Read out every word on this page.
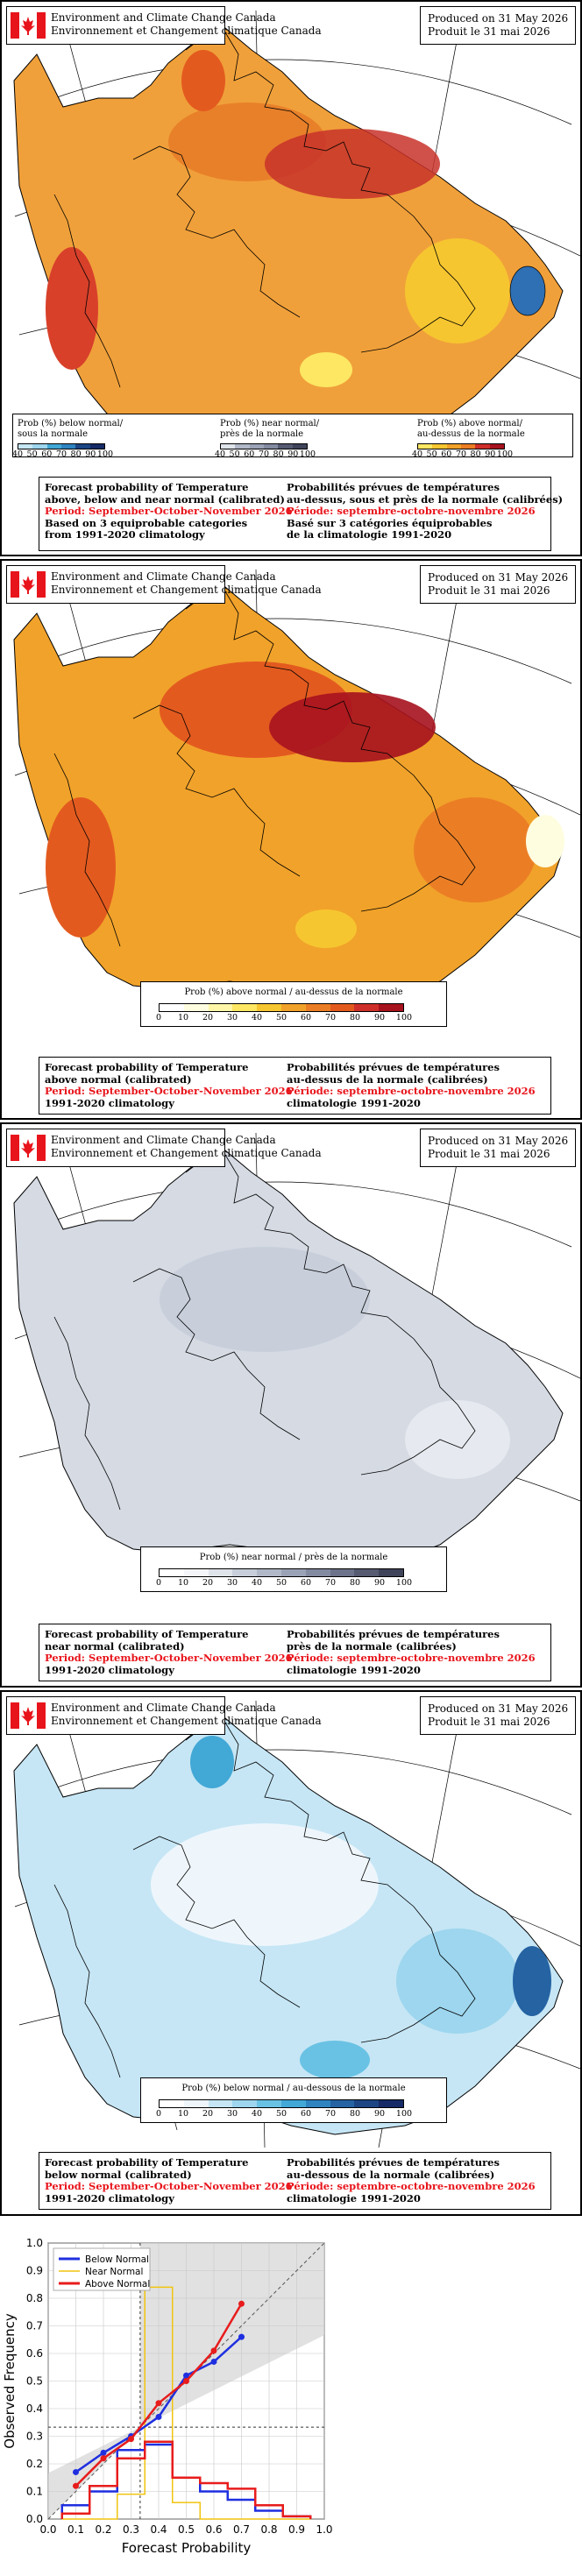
Environment and Climate Change Canada
Environnement et Changement climatique Canada
Produced on 31 May 2026
Produit le 31 mai 2026
Prob (%) below normal/
sous la normale
40 50 60 70 80 90 100
Prob (%) near normal/
près de la normale
40 50 60 70 80 90 100
Prob (%) above normal/
au-dessus de la normale
40 50 60 70 80 90 100
Forecast probability of Temperature
above, below and near normal (calibrated)
Period: September-October-November 2026
Based on 3 equiprobable categories
from 1991-2020 climatology
Probabilités prévues de températures
au-dessus, sous et près de la normale (calibrées)
Période: septembre-octobre-novembre 2026
Basé sur 3 catégories équiprobables
de la climatologie 1991-2020
Environment and Climate Change Canada
Environnement et Changement climatique Canada
Produced on 31 May 2026
Produit le 31 mai 2026
Prob (%) above normal / au-dessus de la normale
0 10 20 30 40 50 60 70 80 90 100
Forecast probability of Temperature
above normal (calibrated)
Period: September-October-November 2026
1991-2020 climatology
Probabilités prévues de températures
au-dessus de la normale (calibrées)
Période: septembre-octobre-novembre 2026
climatologie 1991-2020
Environment and Climate Change Canada
Environnement et Changement climatique Canada
Produced on 31 May 2026
Produit le 31 mai 2026
Prob (%) near normal / près de la normale
0 10 20 30 40 50 60 70 80 90 100
Forecast probability of Temperature
near normal (calibrated)
Period: September-October-November 2026
1991-2020 climatology
Probabilités prévues de températures
près de la normale (calibrées)
Période: septembre-octobre-novembre 2026
climatologie 1991-2020
Environment and Climate Change Canada
Environnement et Changement climatique Canada
Produced on 31 May 2026
Produit le 31 mai 2026
Prob (%) below normal / au-dessous de la normale
0 10 20 30 40 50 60 70 80 90 100
Forecast probability of Temperature
below normal (calibrated)
Period: September-October-November 2026
1991-2020 climatology
Probabilités prévues de températures
au-dessous de la normale (calibrées)
Période: septembre-octobre-novembre 2026
climatologie 1991-2020
0.0 0.1 0.2 0.3 0.4 0.5 0.6 0.7 0.8 0.9 1.0
0.0
0.1
0.2
0.3
0.4
0.5
0.6
0.7
0.8
0.9
1.0
Forecast Probability
Observed Frequency
Below Normal
Near Normal
Above Normal
